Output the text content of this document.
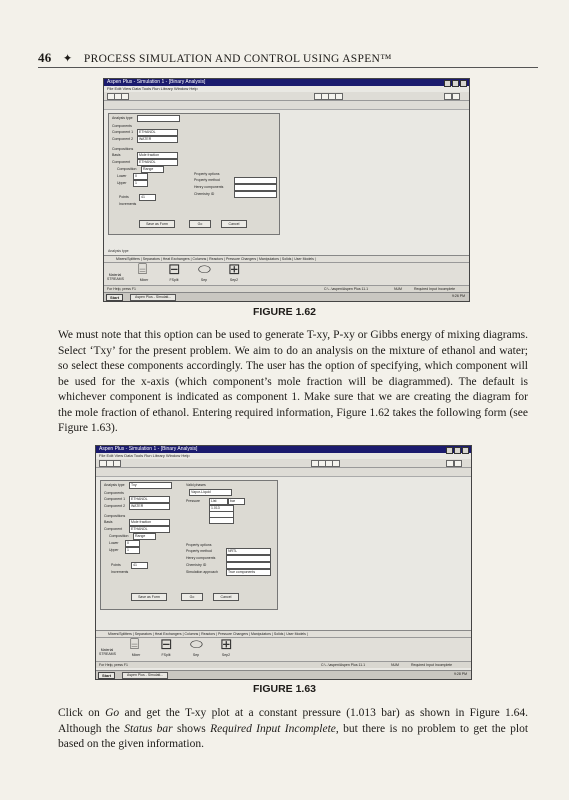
46 ✦ PROCESS SIMULATION AND CONTROL USING ASPEN™
Aspen Plus - Simulation 1 - [Binary Analysis]
File Edit View Data Tools Run Library Window Help
Analysis type
Components
Component 1	ETHANOL
Component 2	WATER
Compositions
Basis	Mole fraction
Component	ETHANOL
Composition	Range
Lower	0
Upper	1
Points	41
Increments
Property options
Property method
Henry components
Chemistry ID
Save as Form	Go	Cancel
Analysis type
Mixers/Splitters | Separators | Heat Exchangers | Columns | Reactors | Pressure Changers | Manipulators | Solids | User Models |
Material STREAMS
⌸
Mixer
⊟
FSplit
⬭
Sep
⊞
Sep2
For Help, press F1	C:\...\aspen\Aspen Plus 11.1	NUM	Required Input Incomplete
Start	Aspen Plus - Simulati...	9:26 PM
FIGURE 1.62
We must note that this option can be used to generate T-xy, P-xy or Gibbs energy of mixing diagrams. Select ‘Txy’ for the present problem. We aim to do an analysis on the mixture of ethanol and water; so select these components accordingly. The user has the option of specifying, which component will be used for the x-axis (which component’s mole fraction will be diagrammed). The default is whichever component is indicated as component 1. Make sure that we are creating the diagram for the mole fraction of ethanol. Entering required information, Figure 1.62 takes the following form (see Figure 1.63).
Aspen Plus - Simulation 1 - [Binary Analysis]
File Edit View Data Tools Run Library Window Help
Analysis type	Txy
Components
Component 1	ETHANOL
Component 2	WATER
Valid phases
Vapor-Liquid
Pressure	List	bar
1.013
Compositions
Basis	Mole fraction
Component	ETHANOL
Composition	Range
Lower	0
Upper	1
Points	41
Increments
Property options
Property method	NRTL
Henry components
Chemistry ID
Simulation approach	True components
Save as Form	Go	Cancel
Mixers/Splitters | Separators | Heat Exchangers | Columns | Reactors | Pressure Changers | Manipulators | Solids | User Models |
Material STREAMS
⌸
Mixer
⊟
FSplit
⬭
Sep
⊞
Sep2
For Help, press F1	C:\...\aspen\Aspen Plus 11.1	NUM	Required Input Incomplete
Start	Aspen Plus - Simulati...	9:28 PM
FIGURE 1.63
Click on Go and get the T-xy plot at a constant pressure (1.013 bar) as shown in Figure 1.64. Although the Status bar shows Required Input Incomplete, but there is no problem to get the plot based on the given information.
